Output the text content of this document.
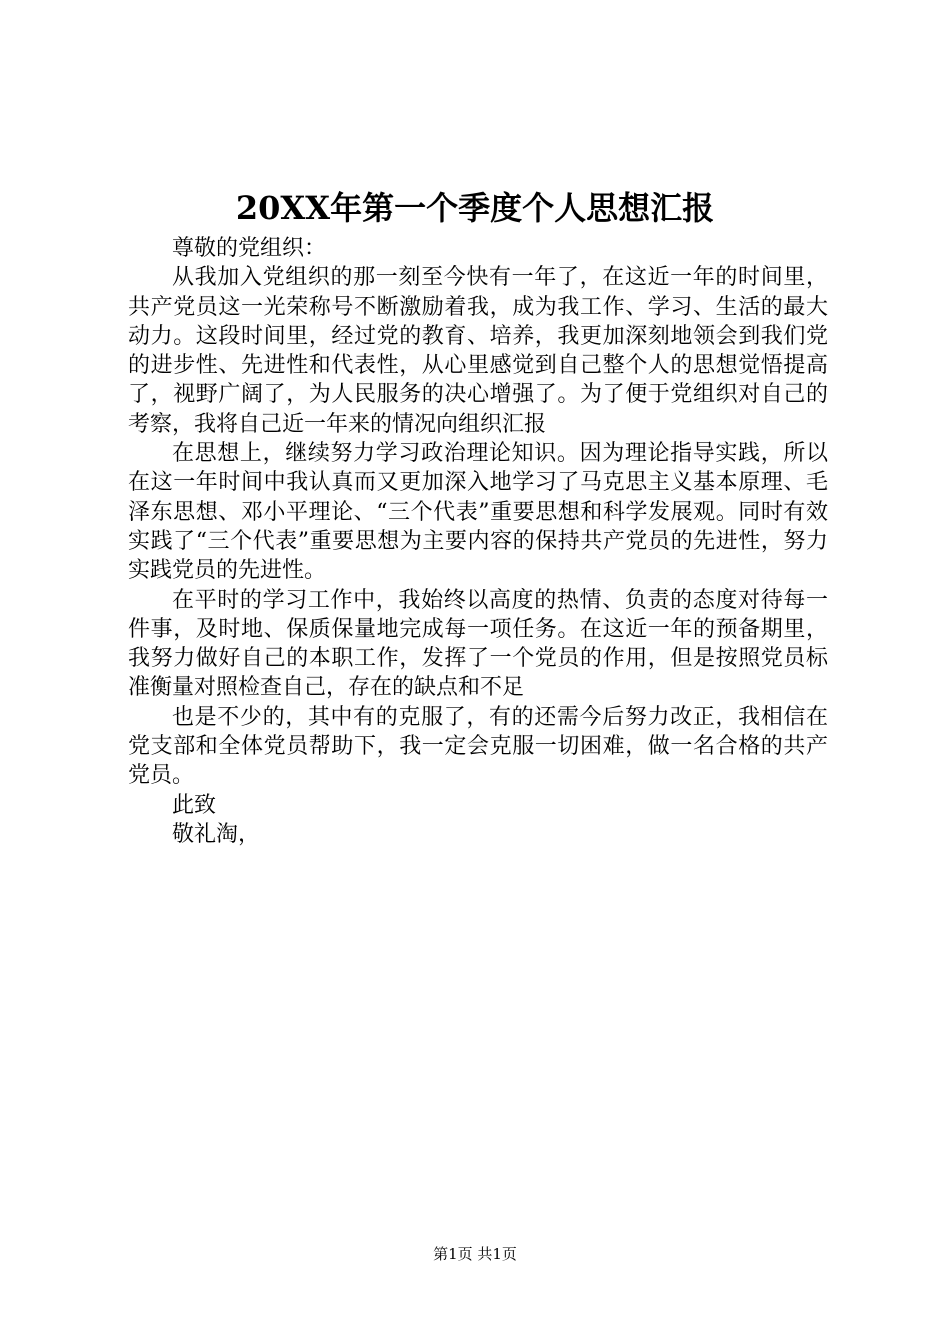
20XX年第一个季度个人思想汇报

尊敬的党组织：

从我加入党组织的那一刻至今快有一年了，在这近一年的时间里，共产党员这一光荣称号不断激励着我，成为我工作、学习、生活的最大动力。这段时间里，经过党的教育、培养，我更加深刻地领会到我们党的进步性、先进性和代表性，从心里感觉到自己整个人的思想觉悟提高了，视野广阔了，为人民服务的决心增强了。为了便于党组织对自己的考察，我将自己近一年来的情况向组织汇报

在思想上，继续努力学习政治理论知识。因为理论指导实践，所以在这一年时间中我认真而又更加深入地学习了马克思主义基本原理、毛泽东思想、邓小平理论、“三个代表”重要思想和科学发展观。同时有效实践了“三个代表”重要思想为主要内容的保持共产党员的先进性，努力实践党员的先进性。

在平时的学习工作中，我始终以高度的热情、负责的态度对待每一件事，及时地、保质保量地完成每一项任务。在这近一年的预备期里，我努力做好自己的本职工作，发挥了一个党员的作用，但是按照党员标准衡量对照检查自己，存在的缺点和不足

也是不少的，其中有的克服了，有的还需今后努力改正，我相信在党支部和全体党员帮助下，我一定会克服一切困难，做一名合格的共产党员。

此致

敬礼淘，

第1页 共1页
